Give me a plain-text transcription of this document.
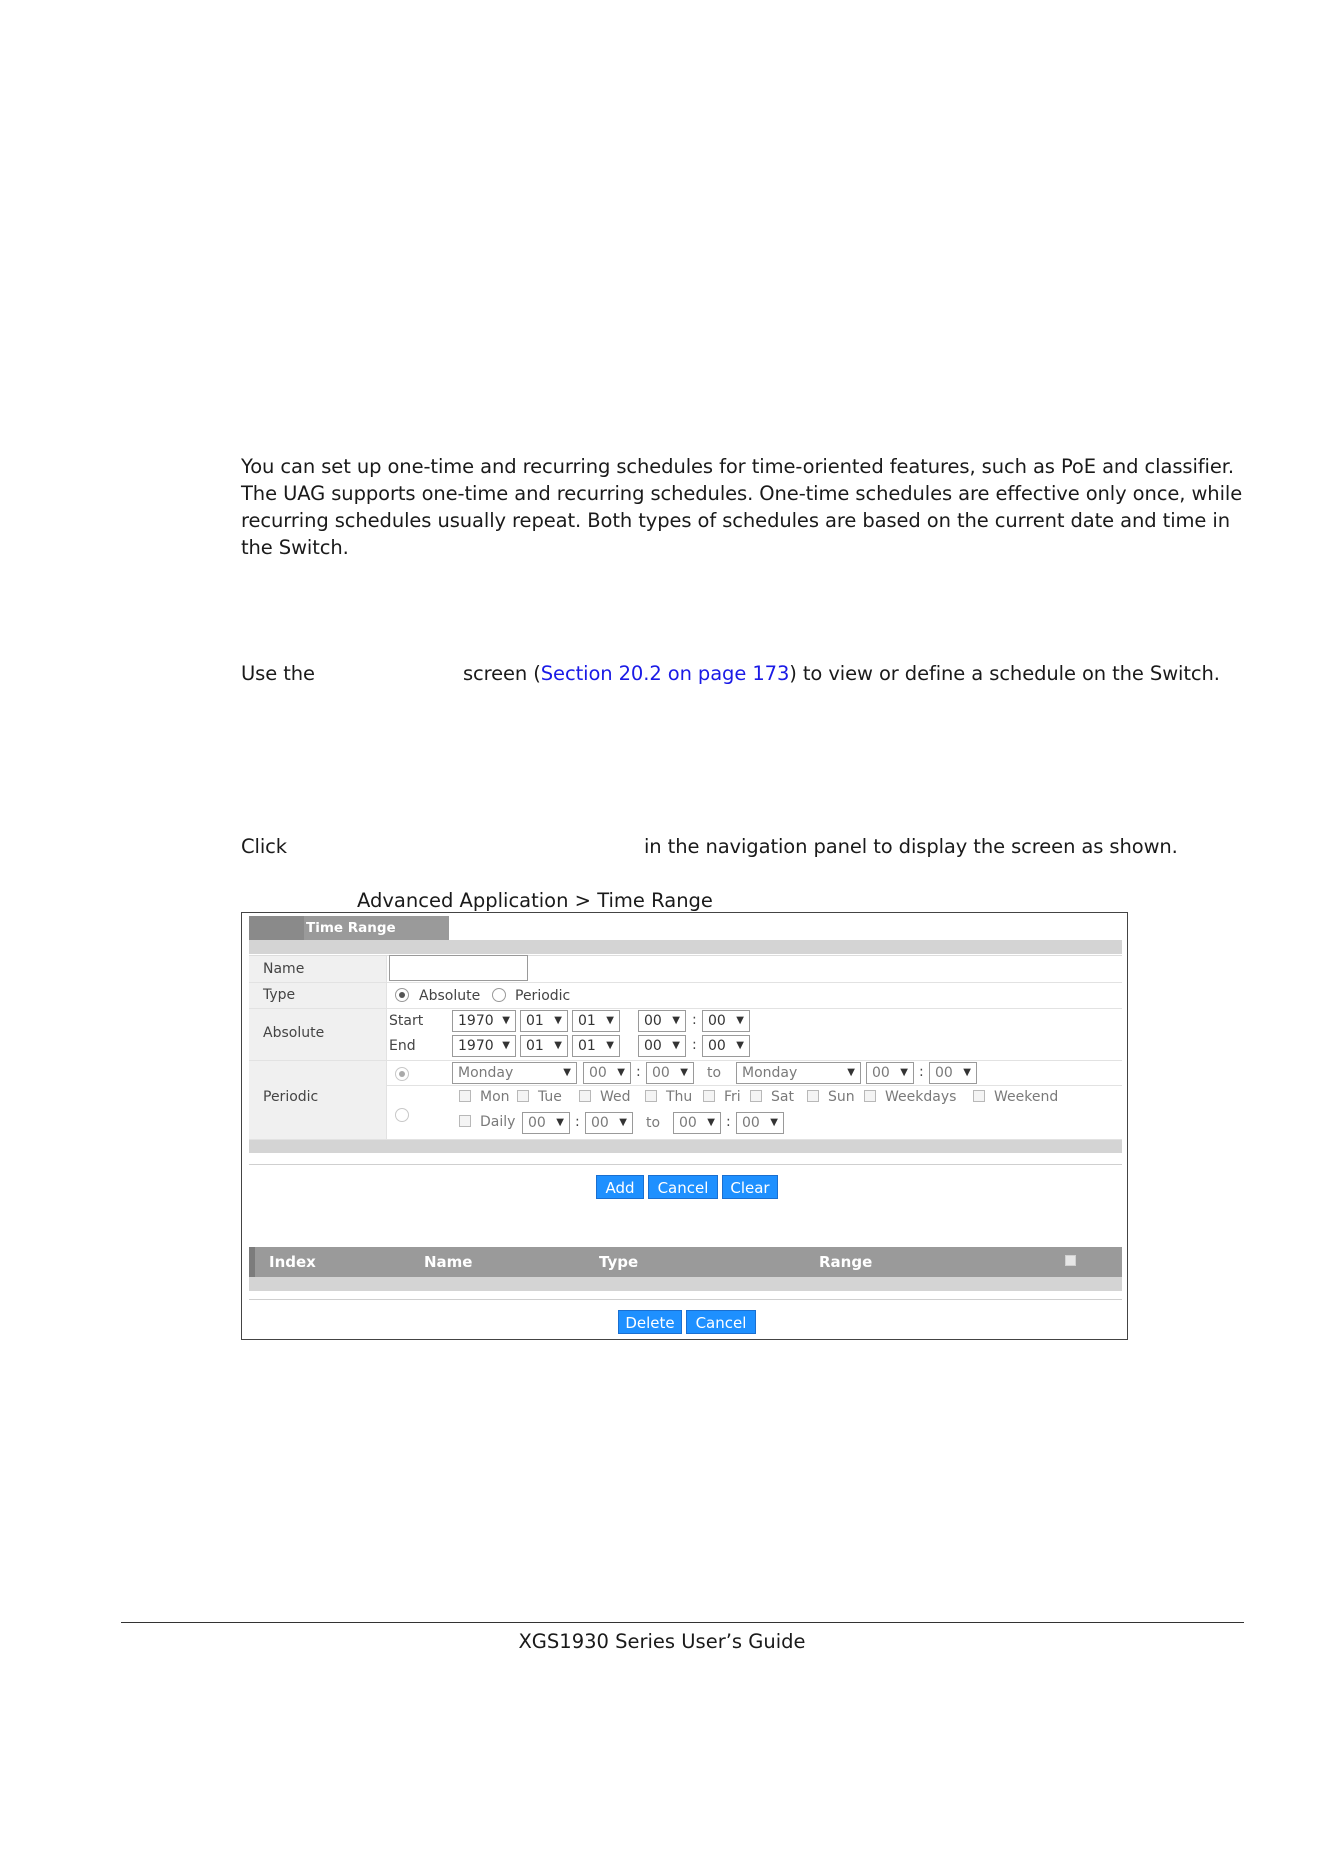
You can set up one-time and recurring schedules for time-oriented features, such as PoE and classifier. The UAG supports one-time and recurring schedules. One-time schedules are effective only once, while recurring schedules usually repeat. Both types of schedules are based on the current date and time in the Switch.

Use the	screen (Section 20.2 on page 173) to view or define a schedule on the Switch.

Click	in the navigation panel to display the screen as shown.

Advanced Application > Time Range
Time Range
Name
Type	Absolute Periodic
Absolute
Start	1970 ▼	01 ▼	01 ▼	00 ▼ : 00 ▼
End	1970 ▼	01 ▼	01 ▼	00 ▼ : 00 ▼
Periodic
Monday	▼	00 ▼ : 00 ▼ to	Monday	▼	00 ▼ : 00 ▼
Mon Tue	Wed	Thu Fri Sat Sun Weekdays	Weekend
Daily 00 ▼ : 00 ▼ to	00 ▼ : 00 ▼
Add	Cancel	Clear
Index	Name	Type	Range
Delete	Cancel
XGS1930 Series User’s Guide
